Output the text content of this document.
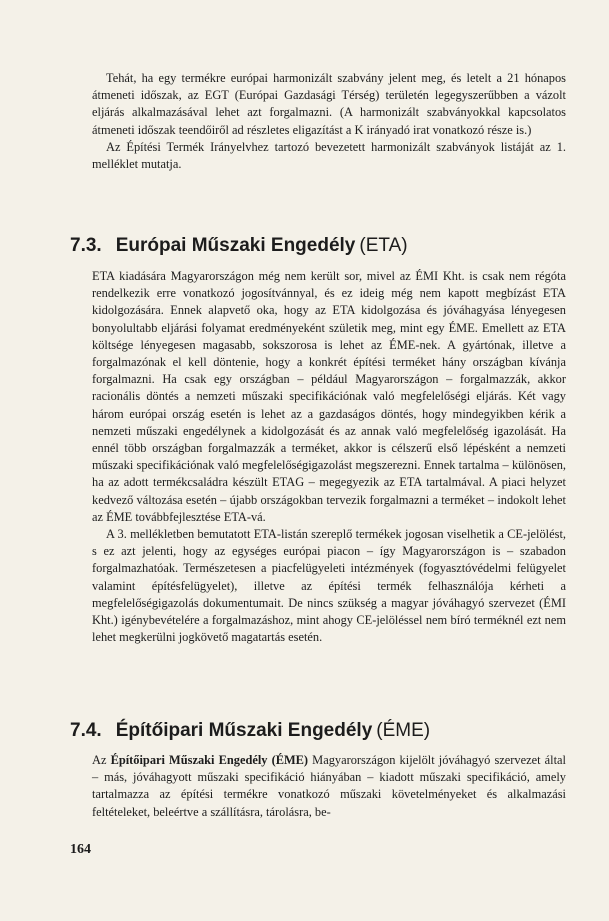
Tehát, ha egy termékre európai harmonizált szabvány jelent meg, és letelt a 21 hónapos átmeneti időszak, az EGT (Európai Gazdasági Térség) területén legegyszerűbben a vázolt eljárás alkalmazásával lehet azt forgalmazni. (A harmonizált szabványokkal kapcsolatos átmeneti időszak teendőiről ad részletes eligazítást a K irányadó irat vonatkozó része is.)

Az Építési Termék Irányelvhez tartozó bevezetett harmonizált szabványok listáját az 1. melléklet mutatja.

7.3. Európai Műszaki Engedély (ETA)

ETA kiadására Magyarországon még nem került sor, mivel az ÉMI Kht. is csak nem régóta rendelkezik erre vonatkozó jogosítvánnyal, és ez ideig még nem kapott megbízást ETA kidolgozására. Ennek alapvető oka, hogy az ETA kidolgozása és jóváhagyása lényegesen bonyolultabb eljárási folyamat eredményeként születik meg, mint egy ÉME. Emellett az ETA költsége lényegesen magasabb, sokszorosa is lehet az ÉME-nek. A gyártónak, illetve a forgalmazónak el kell döntenie, hogy a konkrét építési terméket hány országban kívánja forgalmazni. Ha csak egy országban – például Magyarországon – forgalmazzák, akkor racionális döntés a nemzeti műszaki specifikációnak való megfelelőségi eljárás. Két vagy három európai ország esetén is lehet az a gazdaságos döntés, hogy mindegyikben kérik a nemzeti műszaki engedélynek a kidolgozását és az annak való megfelelőség igazolását. Ha ennél több országban forgalmazzák a terméket, akkor is célszerű első lépésként a nemzeti műszaki specifikációnak való megfelelőségigazolást megszerezni. Ennek tartalma – különösen, ha az adott termékcsaládra készült ETAG – megegyezik az ETA tartalmával. A piaci helyzet kedvező változása esetén – újabb országokban tervezik forgalmazni a terméket – indokolt lehet az ÉME továbbfejlesztése ETA-vá.

A 3. mellékletben bemutatott ETA-listán szereplő termékek jogosan viselhetik a CE-jelölést, s ez azt jelenti, hogy az egységes európai piacon – így Magyarországon is – szabadon forgalmazhatóak. Természetesen a piacfelügyeleti intézmények (fogyasztóvédelmi felügyelet valamint építésfelügyelet), illetve az építési termék felhasználója kérheti a megfelelőségigazolás dokumentumait. De nincs szükség a magyar jóváhagyó szervezet (ÉMI Kht.) igénybevételére a forgalmazáshoz, mint ahogy CE-jelöléssel nem bíró terméknél ezt nem lehet megkerülni jogkövető magatartás esetén.

7.4. Építőipari Műszaki Engedély (ÉME)

Az Építőipari Műszaki Engedély (ÉME) Magyarországon kijelölt jóváhagyó szervezet által – más, jóváhagyott műszaki specifikáció hiányában – kiadott műszaki specifikáció, amely tartalmazza az építési termékre vonatkozó műszaki követelményeket és alkalmazási feltételeket, beleértve a szállításra, tárolásra, be-

164
